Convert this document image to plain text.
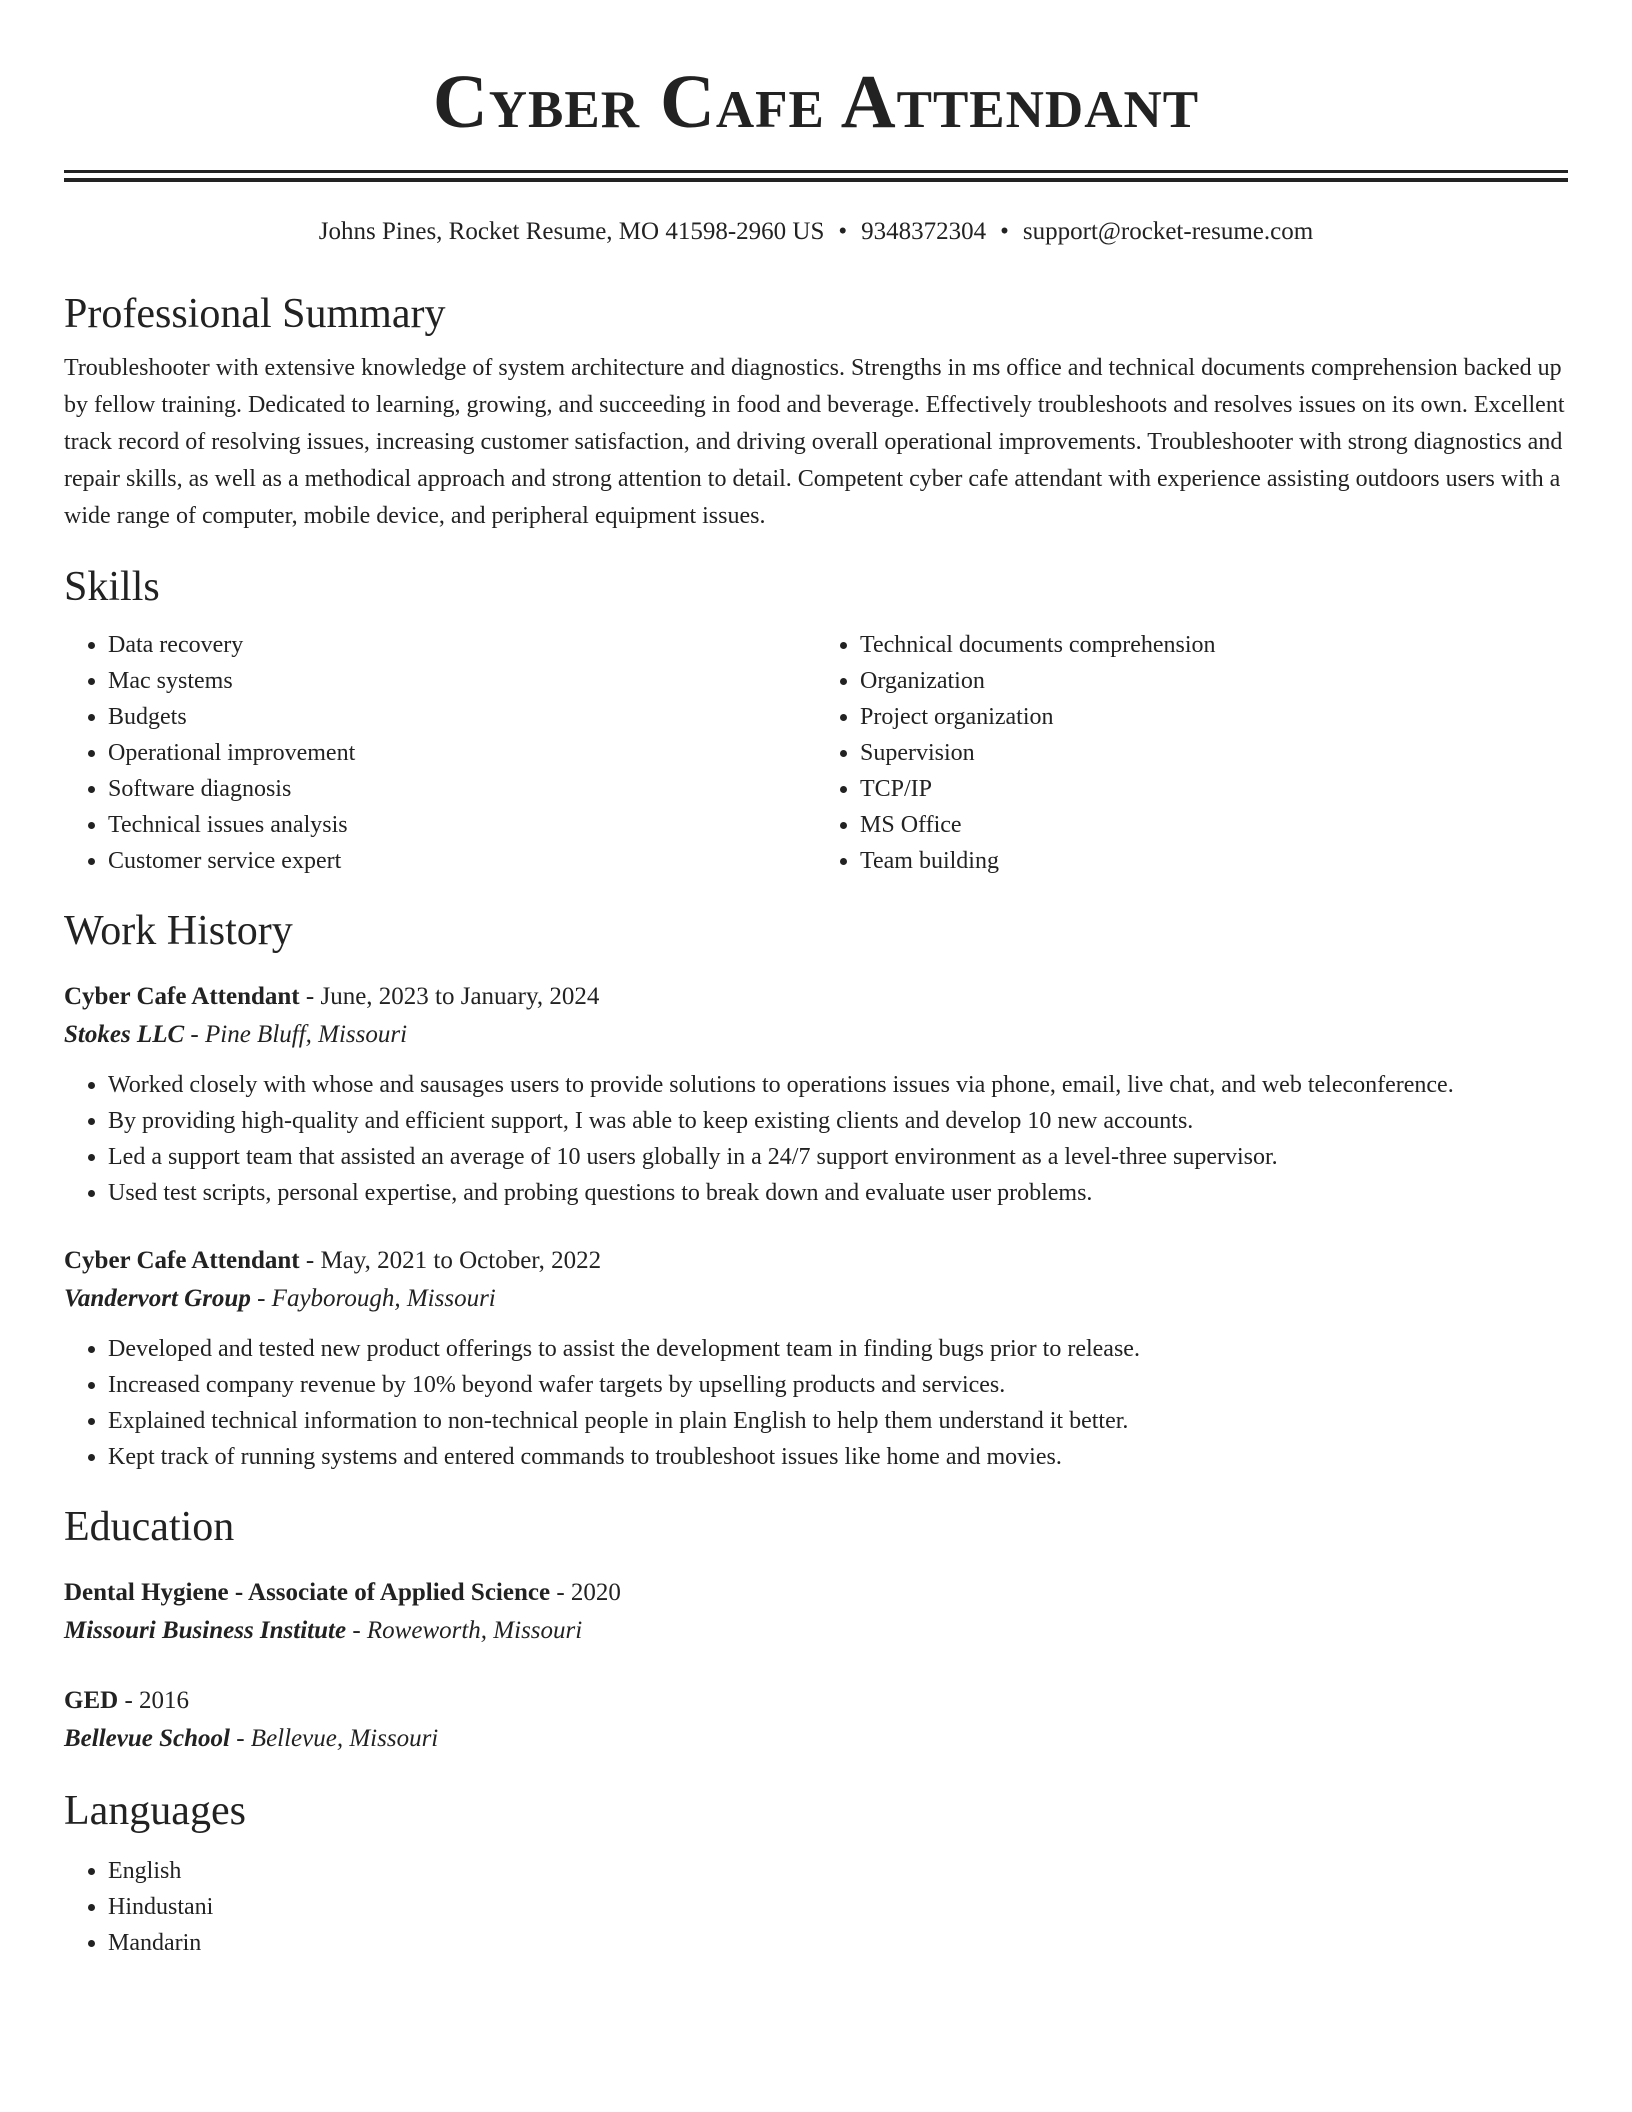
Cyber Cafe Attendant
Johns Pines, Rocket Resume, MO 41598-2960 US • 9348372304 • support@rocket-resume.com
Professional Summary

Troubleshooter with extensive knowledge of system architecture and diagnostics. Strengths in ms office and technical documents comprehension backed up by fellow training. Dedicated to learning, growing, and succeeding in food and beverage. Effectively troubleshoots and resolves issues on its own. Excellent track record of resolving issues, increasing customer satisfaction, and driving overall operational improvements. Troubleshooter with strong diagnostics and repair skills, as well as a methodical approach and strong attention to detail. Competent cyber cafe attendant with experience assisting outdoors users with a wide range of computer, mobile device, and peripheral equipment issues.

Skills
• Data recovery
• Mac systems
• Budgets
• Operational improvement
• Software diagnosis
• Technical issues analysis
• Customer service expert
• Technical documents comprehension
• Organization
• Project organization
• Supervision
• TCP/IP
• MS Office
• Team building
Work History
Cyber Cafe Attendant - June, 2023 to January, 2024
Stokes LLC - Pine Bluff, Missouri
• Worked closely with whose and sausages users to provide solutions to operations issues via phone, email, live chat, and web teleconference.
• By providing high-quality and efficient support, I was able to keep existing clients and develop 10 new accounts.
• Led a support team that assisted an average of 10 users globally in a 24/7 support environment as a level-three supervisor.
• Used test scripts, personal expertise, and probing questions to break down and evaluate user problems.
Cyber Cafe Attendant - May, 2021 to October, 2022
Vandervort Group - Fayborough, Missouri
• Developed and tested new product offerings to assist the development team in finding bugs prior to release.
• Increased company revenue by 10% beyond wafer targets by upselling products and services.
• Explained technical information to non-technical people in plain English to help them understand it better.
• Kept track of running systems and entered commands to troubleshoot issues like home and movies.
Education
Dental Hygiene - Associate of Applied Science - 2020
Missouri Business Institute - Roweworth, Missouri
GED - 2016
Bellevue School - Bellevue, Missouri
Languages
• English
• Hindustani
• Mandarin
